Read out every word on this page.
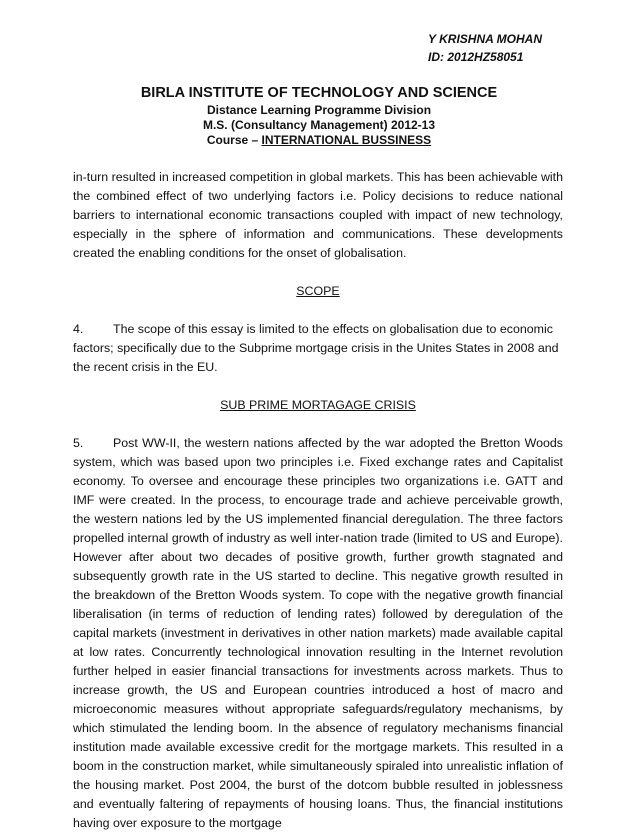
Y KRISHNA MOHAN
ID: 2012HZ58051
BIRLA INSTITUTE OF TECHNOLOGY AND SCIENCE
Distance Learning Programme Division
M.S. (Consultancy Management) 2012-13
Course – INTERNATIONAL BUSSINESS

in-turn resulted in increased competition in global markets. This has been achievable with the combined effect of two underlying factors i.e. Policy decisions to reduce national barriers to international economic transactions coupled with impact of new technology, especially in the sphere of information and communications. These developments created the enabling conditions for the onset of globalisation.

SCOPE

4. The scope of this essay is limited to the effects on globalisation due to economic factors; specifically due to the Subprime mortgage crisis in the Unites States in 2008 and the recent crisis in the EU.

SUB PRIME MORTAGAGE CRISIS

5. Post WW-II, the western nations affected by the war adopted the Bretton Woods system, which was based upon two principles i.e. Fixed exchange rates and Capitalist economy. To oversee and encourage these principles two organizations i.e. GATT and IMF were created. In the process, to encourage trade and achieve perceivable growth, the western nations led by the US implemented financial deregulation. The three factors propelled internal growth of industry as well inter-nation trade (limited to US and Europe). However after about two decades of positive growth, further growth stagnated and subsequently growth rate in the US started to decline. This negative growth resulted in the breakdown of the Bretton Woods system. To cope with the negative growth financial liberalisation (in terms of reduction of lending rates) followed by deregulation of the capital markets (investment in derivatives in other nation markets) made available capital at low rates. Concurrently technological innovation resulting in the Internet revolution further helped in easier financial transactions for investments across markets. Thus to increase growth, the US and European countries introduced a host of macro and microeconomic measures without appropriate safeguards/regulatory mechanisms, by which stimulated the lending boom. In the absence of regulatory mechanisms financial institution made available excessive credit for the mortgage markets. This resulted in a boom in the construction market, while simultaneously spiraled into unrealistic inflation of the housing market. Post 2004, the burst of the dotcom bubble resulted in joblessness and eventually faltering of repayments of housing loans. Thus, the financial institutions having over exposure to the mortgage
